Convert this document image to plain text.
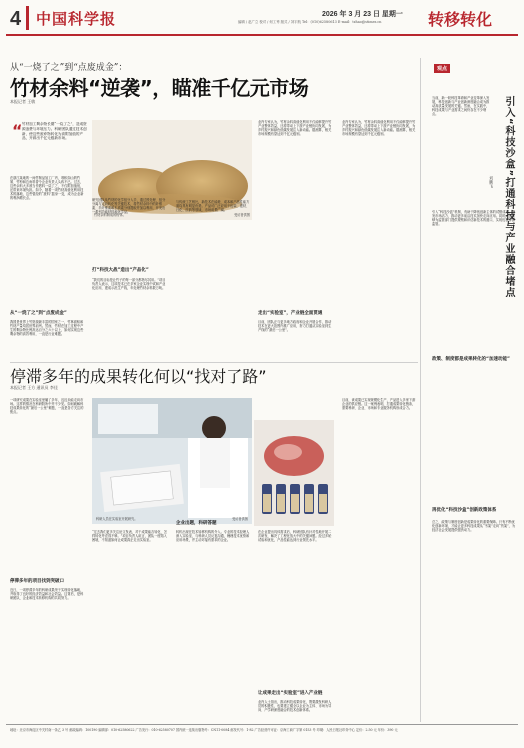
4 中国科学报	2026 年 3 月 23 日 星期一
编辑 / 赵广立 校对 / 何工秀 版式 / 刘宇航 Tel：(010)62580613 E-mail：tzhao@stimes.cn	转移转化
从“一烧了之”到“点废成金”：
竹材余料“逆袭”，瞄准千亿元市场
本报记者 王敏
“ 竹材加工剩余物长期“一烧了之”，造成资源浪费与环境压力。科研团队通过技术创新，使这些废弃物转化为高附加值的产品，开辟出千亿元级新市场。
竹材余料制成的粉体。	受访者供图
在浙江某地的一间竹制品加工厂内，堆积如山的竹屑、竹粉和边角料曾令企业负责人头疼不已。过去，这些余料大多被当作燃料一烧了之，不仅附加值低，还带来环境负担。如今，随着一项竹材高值化利用技术的落地，这些曾经的“废料”摇身一变，成为企业新的利润增长点。
从“一烧了之”到“点废成金”
我国是世界上竹资源最丰富的国家之一，竹林面积和竹材产量均居世界前列。然而，竹材在加工过程中产生的剩余物比例高达百分之六十以上，如何实现这些剩余物的高效利用，一直是行业难题。
研究团队从竹材的化学组分入手，通过预处理、组分分离与定向转化等关键技术，将竹材余料中的纤维素、半纤维素和木质素分别提取并加以利用，开发出一系列功能材料和化学品。
打“科技大战”造出“产品化”
“我们的目标是让竹子的每一部分都物尽其用。”项目负责人表示，这项技术已在多家企业实现中试和产业化应用，建成示范生产线，年处理竹材余料数万吨。
与传统工艺相比，新技术在能耗、成本和产品性能方面均具有明显优势。产品可广泛应用于包装、建材、日化、医药等领域，市场前景广阔。
业内专家认为，竹材余料高值化利用不仅能够提升竹产业整体效益，还将带动上下游产业链协同发展，为乡村振兴和绿色低碳发展注入新动能。据测算，相关市场规模有望达到千亿元级别。
走出“实验室”，产业链全面贯通
目前，团队正与更多地方政府和企业开展合作，推动技术在更大范围内推广应用，努力打通从实验室到生产线的“最后一公里”。
业内专家认为，竹材余料高值化利用不仅能够提升竹产业整体效益，还将带动上下游产业链协同发展，为乡村振兴和绿色低碳发展注入新动能。据测算，相关市场规模有望达到千亿元级别。
停滞多年的成果转化何以“找对了路”
本报记者 王方 通讯员 李佳
一项研究成果在实验室里躺了多年，迟迟未能走向市场。这样的情况在科研院所中并不少见。如何破解科技成果转化的“最后一公里”难题，一直是各方关注的焦点。
停滞多年的项目找到突破口
近日，一项停滞多年的科研成果终于实现转化落地，并取得了良好的经济效益和社会效益。这背后，是科研团队、企业和技术转移机构的共同努力。
科研人员在实验室开展研究。	受访者供图
“过去我们更多关注论文发表，对于成果能否转化、怎样转化考虑得不够。”项目负责人坦言，团队一度陷入困境，不知道如何让成果真正走出实验室。
企业出题，科研答题
转机出现在技术转移机构的介入。专业的技术经理人深入实验室，与科研人员反复沟通，梳理技术优势和应用场景，并主动对接有需求的企业。
在企业提出具体需求后，科研团队有针对性地开展二次研发，解决了工程化放大中的关键问题。经过多轮试验和优化，产品性能达到行业领先水平。
让成果走出“实验室”进入产业链
业内人士指出，推动科技成果转化，既要激发科研人员的积极性，也要建立健全以企业为主体、市场为导向、产学研深度融合的技术创新体系。
目前，该成果已实现规模化生产，产品进入多家下游企业的供应链。这一案例表明，打通成果转化链条，需要科研、企业、市场和专业服务机构形成合力。
观点
引入“科技沙盒”打通科技与产业融合堵点
刘鹏飞
当前，新一轮科技革命和产业变革深入发展，科技创新与产业创新深度融合成为推动高质量发展的关键。然而，在实践中，科技成果与产业需求之间仍存在不少堵点。
引入“科技沙盒”机制，有助于降低创新主体的试错成本，激发市场活力，推动更多前沿技术加快走向应用。同时，也能够为监管部门提供观察和评估新技术的窗口，实现包容审慎监管。
政策、制度都是成果转化的“加速动能”
再优化“科技沙盒”创新政策体系
总之，政策与制度创新是成果转化的重要保障。只有不断优化创新环境，才能让更多科技成果从“书架”走向“货架”，为经济社会发展提供强劲动力。
地址：北京市海淀区中关村南一条乙 3 号 邮政编码：100190 编辑部：010-62580622 广告发行：010-62580707 国内统一连续出版物号：CN11-0084 邮发代号：1-82 广告经营许可证：京海工商广字第 0153 号 印刷：人民日报社印务中心 定价：2.50 元 年价：390 元
